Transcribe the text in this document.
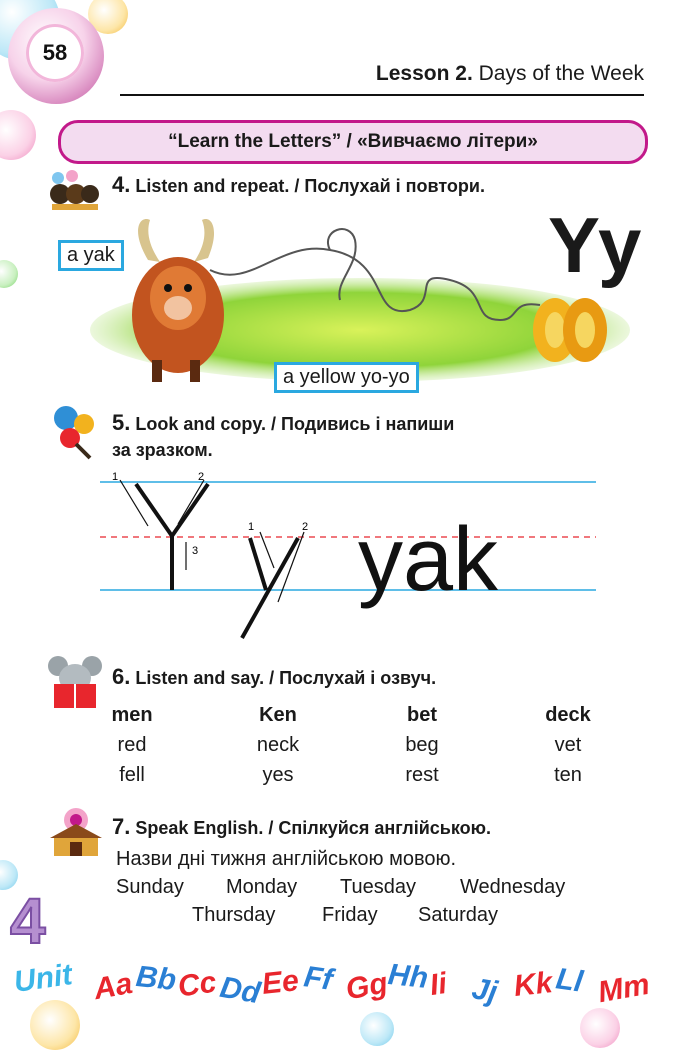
58
Lesson 2. Days of the Week
“Learn the Letters” / «Вивчаємо літери»
4. Listen and repeat. / Послухай і повтори.
Yy
a yak
a yellow yo-yo
5. Look and copy. / Подивись і напиши
за зразком.
1	2
3
1	2 yak
6. Listen and say. / Послухай і озвуч.
men	Ken	bet	deck
red	neck	beg	vet
fell	yes	rest	ten
7. Speak English. / Спілкуйся англійською.
Назви дні тижня англійською мовою.
Sunday Monday Tuesday Wednesday
Thursday Friday Saturday
4
Unit Aa Bb
Cc Dd
Ee Ff Gg
Hh
Ii Jj Kk Ll Mm
